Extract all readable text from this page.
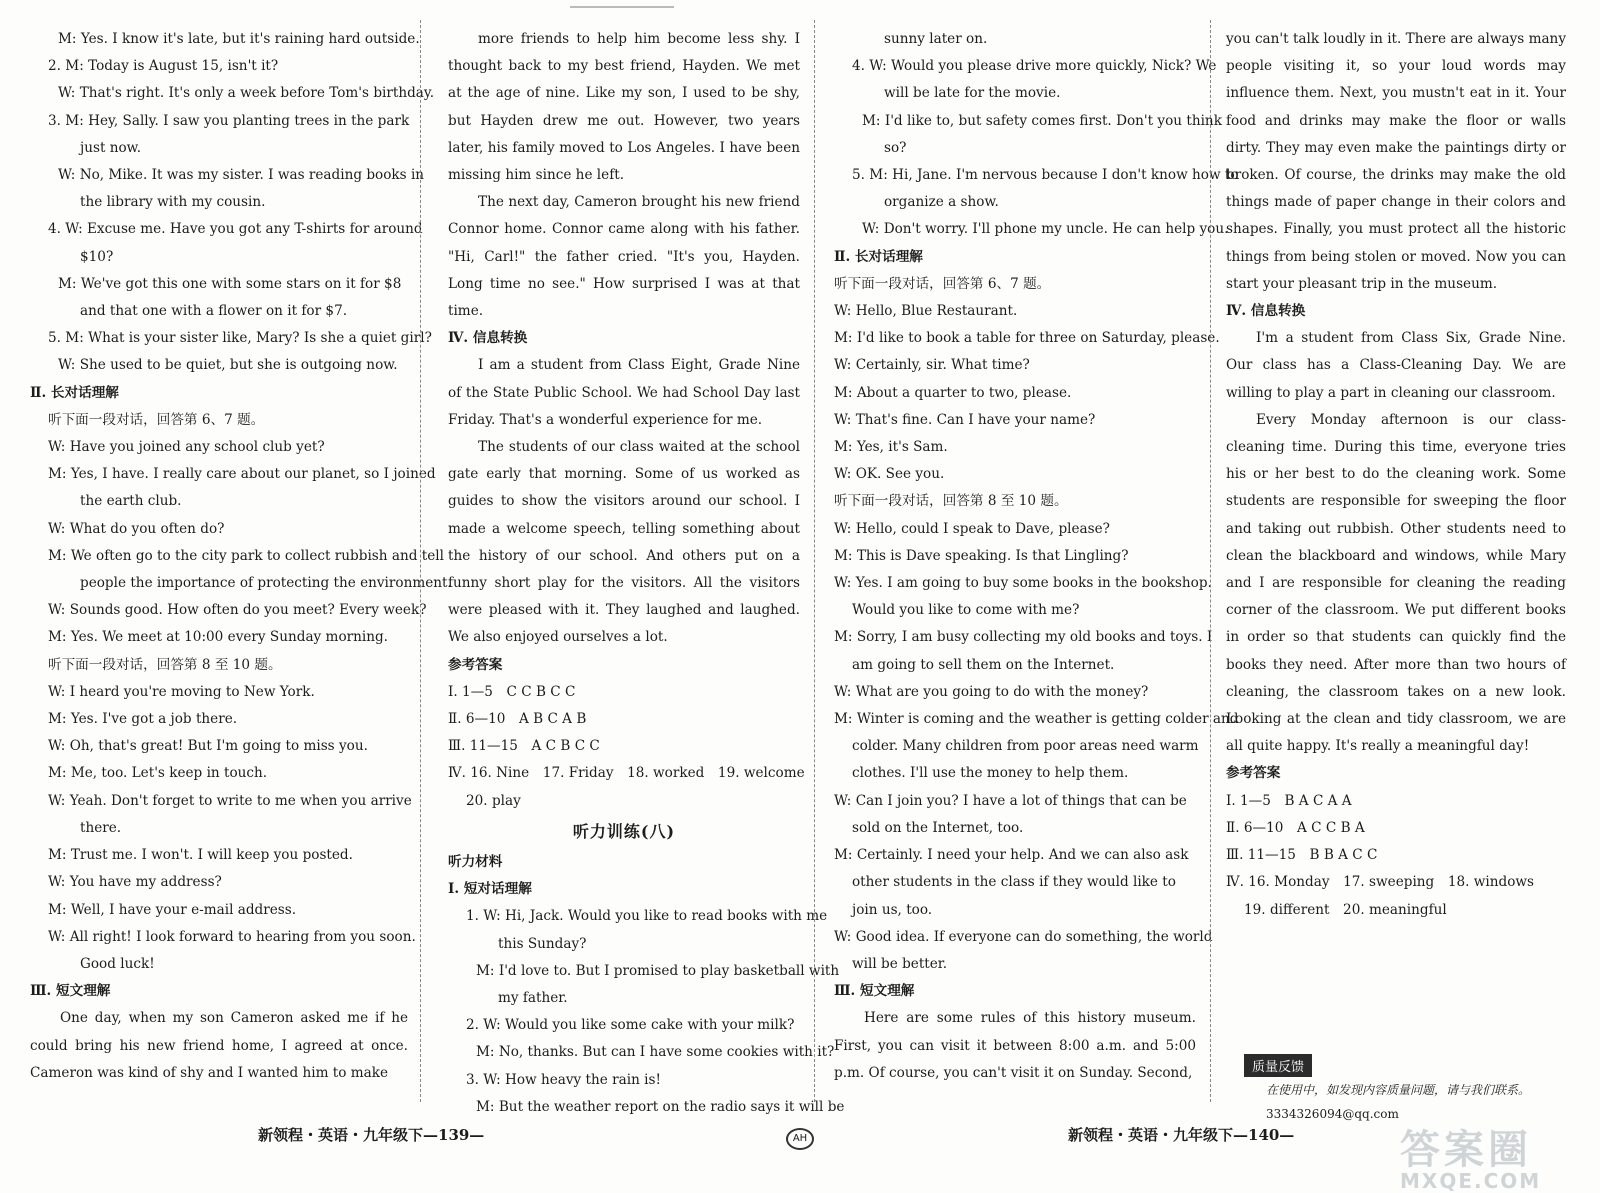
M: Yes. I know it's late, but it's raining hard outside.
2. M: Today is August 15, isn't it?
W: That's right. It's only a week before Tom's birthday.
3. M: Hey, Sally. I saw you planting trees in the park
just now.
W: No, Mike. It was my sister. I was reading books in
the library with my cousin.
4. W: Excuse me. Have you got any T-shirts for around
$10?
M: We've got this one with some stars on it for $8
and that one with a flower on it for $7.
5. M: What is your sister like, Mary? Is she a quiet girl?
W: She used to be quiet, but she is outgoing now.
Ⅱ. 长对话理解
听下面一段对话，回答第 6、7 题。
W: Have you joined any school club yet?
M: Yes, I have. I really care about our planet, so I joined
the earth club.
W: What do you often do?
M: We often go to the city park to collect rubbish and tell
people the importance of protecting the environment.
W: Sounds good. How often do you meet? Every week?
M: Yes. We meet at 10:00 every Sunday morning.
听下面一段对话，回答第 8 至 10 题。
W: I heard you're moving to New York.
M: Yes. I've got a job there.
W: Oh, that's great! But I'm going to miss you.
M: Me, too. Let's keep in touch.
W: Yeah. Don't forget to write to me when you arrive
there.
M: Trust me. I won't. I will keep you posted.
W: You have my address?
M: Well, I have your e-mail address.
W: All right! I look forward to hearing from you soon.
Good luck!
Ⅲ. 短文理解
One day, when my son Cameron asked me if he could bring his new friend home, I agreed at once. Cameron was kind of shy and I wanted him to make
more friends to help him become less shy. I thought back to my best friend, Hayden. We met at the age of nine. Like my son, I used to be shy, but Hayden drew me out. However, two years later, his family moved to Los Angeles. I have been missing him since he left.
The next day, Cameron brought his new friend Connor home. Connor came along with his father. "Hi, Carl!" the father cried. "It's you, Hayden. Long time no see." How surprised I was at that time.
Ⅳ. 信息转换
I am a student from Class Eight, Grade Nine of the State Public School. We had School Day last Friday. That's a wonderful experience for me.
The students of our class waited at the school gate early that morning. Some of us worked as guides to show the visitors around our school. I made a welcome speech, telling something about the history of our school. And others put on a funny short play for the visitors. All the visitors were pleased with it. They laughed and laughed. We also enjoyed ourselves a lot.
参考答案
Ⅰ. 1—5　C C B C C
Ⅱ. 6—10　A B C A B
Ⅲ. 11—15　A C B C C
Ⅳ. 16. Nine　17. Friday　18. worked　19. welcome
20. play
听力训练(八)
听力材料
Ⅰ. 短对话理解
1. W: Hi, Jack. Would you like to read books with me
this Sunday?
M: I'd love to. But I promised to play basketball with
my father.
2. W: Would you like some cake with your milk?
M: No, thanks. But can I have some cookies with it?
3. W: How heavy the rain is!
M: But the weather report on the radio says it will be
sunny later on.
4. W: Would you please drive more quickly, Nick? We
will be late for the movie.
M: I'd like to, but safety comes first. Don't you think
so?
5. M: Hi, Jane. I'm nervous because I don't know how to
organize a show.
W: Don't worry. I'll phone my uncle. He can help you.
Ⅱ. 长对话理解
听下面一段对话，回答第 6、7 题。
W: Hello, Blue Restaurant.
M: I'd like to book a table for three on Saturday, please.
W: Certainly, sir. What time?
M: About a quarter to two, please.
W: That's fine. Can I have your name?
M: Yes, it's Sam.
W: OK. See you.
听下面一段对话，回答第 8 至 10 题。
W: Hello, could I speak to Dave, please?
M: This is Dave speaking. Is that Lingling?
W: Yes. I am going to buy some books in the bookshop.
Would you like to come with me?
M: Sorry, I am busy collecting my old books and toys. I
am going to sell them on the Internet.
W: What are you going to do with the money?
M: Winter is coming and the weather is getting colder and
colder. Many children from poor areas need warm
clothes. I'll use the money to help them.
W: Can I join you? I have a lot of things that can be
sold on the Internet, too.
M: Certainly. I need your help. And we can also ask
other students in the class if they would like to
join us, too.
W: Good idea. If everyone can do something, the world
will be better.
Ⅲ. 短文理解
Here are some rules of this history museum. First, you can visit it between 8:00 a.m. and 5:00 p.m. Of course, you can't visit it on Sunday. Second,
you can't talk loudly in it. There are always many people visiting it, so your loud words may influence them. Next, you mustn't eat in it. Your food and drinks may make the floor or walls dirty. They may even make the paintings dirty or broken. Of course, the drinks may make the old things made of paper change in their colors and shapes. Finally, you must protect all the historic things from being stolen or moved. Now you can start your pleasant trip in the museum.
Ⅳ. 信息转换
I'm a student from Class Six, Grade Nine. Our class has a Class-Cleaning Day. We are willing to play a part in cleaning our classroom.
Every Monday afternoon is our class-cleaning time. During this time, everyone tries his or her best to do the cleaning work. Some students are responsible for sweeping the floor and taking out rubbish. Other students need to clean the blackboard and windows, while Mary and I are responsible for cleaning the reading corner of the classroom. We put different books in order so that students can quickly find the books they need. After more than two hours of cleaning, the classroom takes on a new look. Looking at the clean and tidy classroom, we are all quite happy. It's really a meaningful day!
参考答案
Ⅰ. 1—5　B A C A A
Ⅱ. 6—10　A C C B A
Ⅲ. 11—15　B B A C C
Ⅳ. 16. Monday　17. sweeping　18. windows
19. different　20. meaningful
质量反馈
在使用中，如发现内容质量问题，请与我们联系。
3334326094@qq.com
新领程・英语・九年级下—139—	AH	新领程・英语・九年级下—140—	答案圈
MXQE.COM
